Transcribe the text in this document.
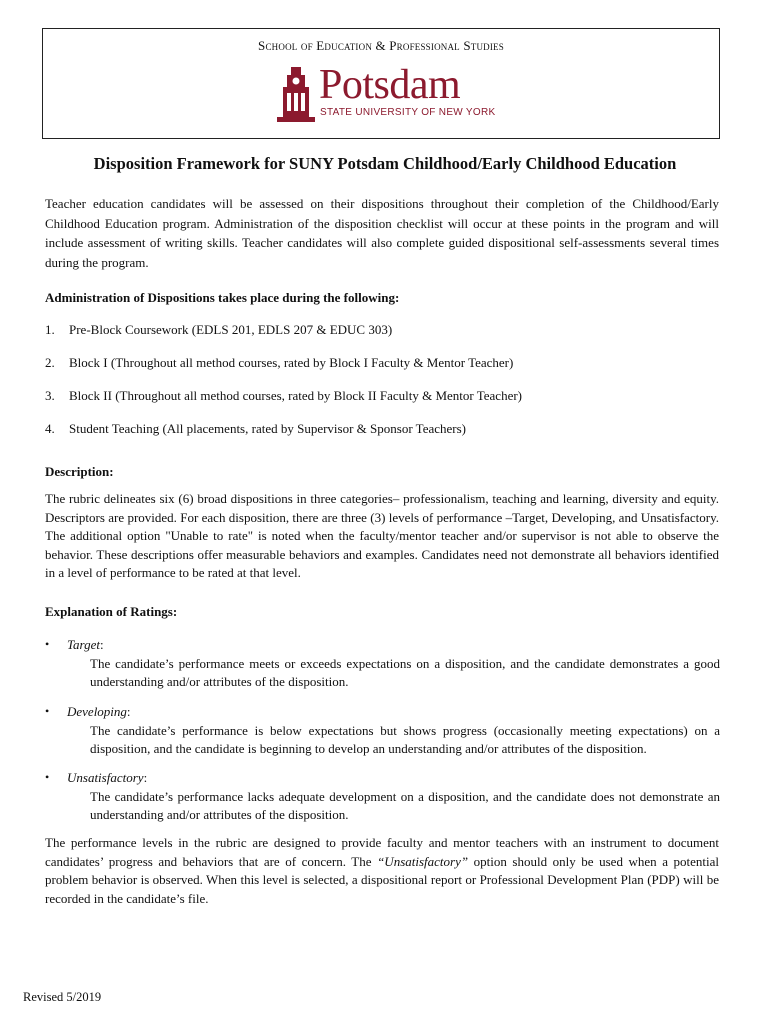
School of Education & Professional Studies
Potsdam
STATE UNIVERSITY OF NEW YORK
Disposition Framework for SUNY Potsdam Childhood/Early Childhood Education
Teacher education candidates will be assessed on their dispositions throughout their completion of the Childhood/Early Childhood Education program. Administration of the disposition checklist will occur at these points in the program and will include assessment of writing skills. Teacher candidates will also complete guided dispositional self-assessments several times during the program.
Administration of Dispositions takes place during the following:
1. Pre-Block Coursework (EDLS 201, EDLS 207 & EDUC 303)
2. Block I (Throughout all method courses, rated by Block I Faculty & Mentor Teacher)
3. Block II (Throughout all method courses, rated by Block II Faculty & Mentor Teacher)
4. Student Teaching (All placements, rated by Supervisor & Sponsor Teachers)
Description:
The rubric delineates six (6) broad dispositions in three categories– professionalism, teaching and learning, diversity and equity. Descriptors are provided. For each disposition, there are three (3) levels of performance –Target, Developing, and Unsatisfactory. The additional option "Unable to rate" is noted when the faculty/mentor teacher and/or supervisor is not able to observe the behavior. These descriptions offer measurable behaviors and examples. Candidates need not demonstrate all behaviors identified in a level of performance to be rated at that level.
Explanation of Ratings:
• Target:
The candidate’s performance meets or exceeds expectations on a disposition, and the candidate demonstrates a good understanding and/or attributes of the disposition.
• Developing:
The candidate’s performance is below expectations but shows progress (occasionally meeting expectations) on a disposition, and the candidate is beginning to develop an understanding and/or attributes of the disposition.
• Unsatisfactory:
The candidate’s performance lacks adequate development on a disposition, and the candidate does not demonstrate an understanding and/or attributes of the disposition.
The performance levels in the rubric are designed to provide faculty and mentor teachers with an instrument to document candidates’ progress and behaviors that are of concern. The “Unsatisfactory” option should only be used when a potential problem behavior is observed. When this level is selected, a dispositional report or Professional Development Plan (PDP) will be recorded in the candidate’s file.
Revised 5/2019
